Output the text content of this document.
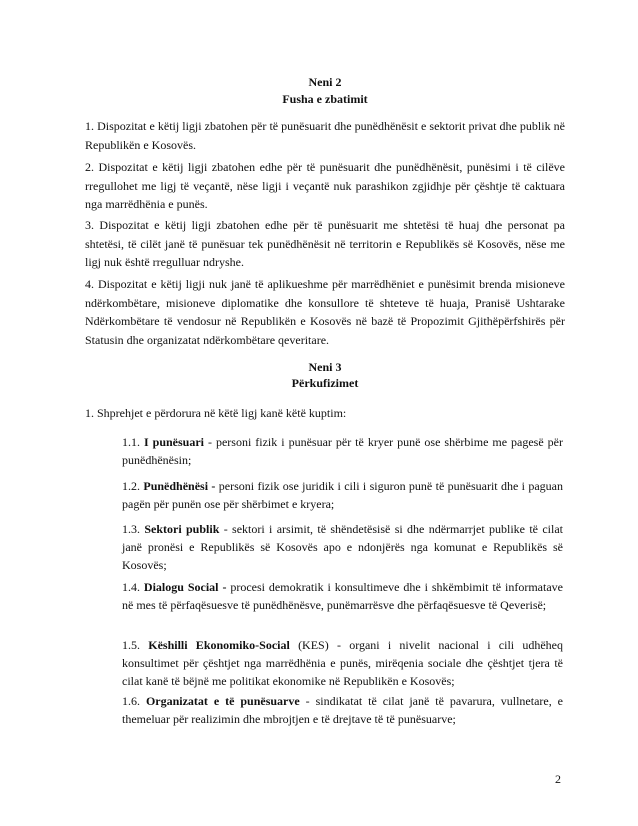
Neni 2
Fusha e zbatimit
1. Dispozitat e këtij ligji zbatohen për të punësuarit dhe punëdhënësit e sektorit privat dhe publik në Republikën e Kosovës.
2. Dispozitat e këtij ligji zbatohen edhe për të punësuarit dhe punëdhënësit, punësimi i të cilëve rregullohet me ligj të veçantë, nëse ligji i veçantë nuk parashikon zgjidhje për çështje të caktuara nga marrëdhënia e punës.
3. Dispozitat e këtij ligji zbatohen edhe për të punësuarit me shtetësi të huaj dhe personat pa shtetësi, të cilët janë të punësuar tek punëdhënësit në territorin e Republikës së Kosovës, nëse me ligj nuk është rregulluar ndryshe.
4. Dispozitat e këtij ligji nuk janë të aplikueshme për marrëdhëniet e punësimit brenda misioneve ndërkombëtare, misioneve diplomatike dhe konsullore të shteteve të huaja, Pranisë Ushtarake Ndërkombëtare të vendosur në Republikën e Kosovës në bazë të Propozimit Gjithëpërfshirës për Statusin dhe organizatat ndërkombëtare qeveritare.
Neni 3
Përkufizimet
1. Shprehjet e përdorura në këtë ligj kanë këtë kuptim:
1.1. I punësuari - personi fizik i punësuar për të kryer punë ose shërbime me pagesë për punëdhënësin;
1.2. Punëdhënësi - personi fizik ose juridik i cili i siguron punë të punësuarit dhe i paguan pagën për punën ose për shërbimet e kryera;
1.3. Sektori publik - sektori i arsimit, të shëndetësisë si dhe ndërmarrjet publike të cilat janë pronësi e Republikës së Kosovës apo e ndonjërës nga komunat e Republikës së Kosovës;
1.4. Dialogu Social - procesi demokratik i konsultimeve dhe i shkëmbimit të informatave në mes të përfaqësuesve të punëdhënësve, punëmarrësve dhe përfaqësuesve të Qeverisë;
1.5. Këshilli Ekonomiko-Social (KES) - organi i nivelit nacional i cili udhëheq konsultimet për çështjet nga marrëdhënia e punës, mirëqenia sociale dhe çështjet tjera të cilat kanë të bëjnë me politikat ekonomike në Republikën e Kosovës;
1.6. Organizatat e të punësuarve - sindikatat të cilat janë të pavarura, vullnetare, e themeluar për realizimin dhe mbrojtjen e të drejtave të të punësuarve;
2
